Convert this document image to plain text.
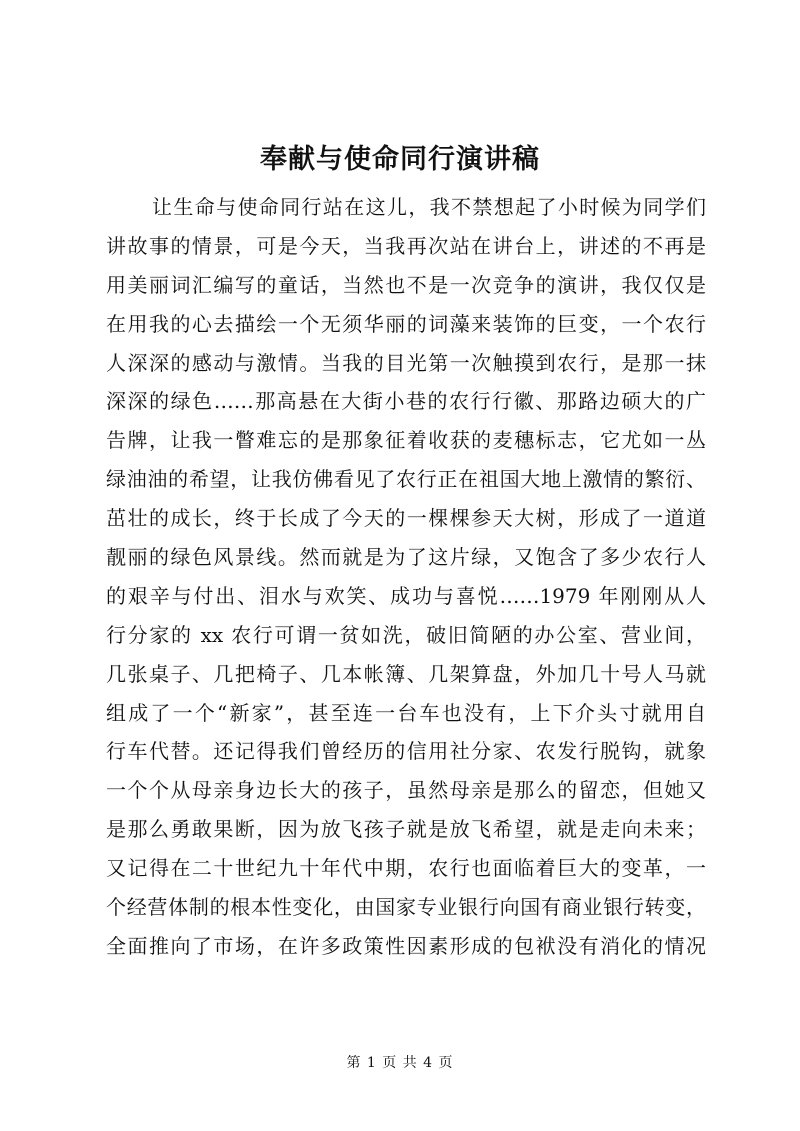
奉献与使命同行演讲稿
让生命与使命同行站在这儿，我不禁想起了小时候为同学们
讲故事的情景，可是今天，当我再次站在讲台上，讲述的不再是
用美丽词汇编写的童话，当然也不是一次竞争的演讲，我仅仅是
在用我的心去描绘一个无须华丽的词藻来装饰的巨变，一个农行
人深深的感动与激情。当我的目光第一次触摸到农行，是那一抹
深深的绿色……那高悬在大街小巷的农行行徽、那路边硕大的广
告牌，让我一瞥难忘的是那象征着收获的麦穗标志，它尤如一丛
绿油油的希望，让我仿佛看见了农行正在祖国大地上激情的繁衍、
茁壮的成长，终于长成了今天的一棵棵参天大树，形成了一道道
靓丽的绿色风景线。然而就是为了这片绿，又饱含了多少农行人
的艰辛与付出、泪水与欢笑、成功与喜悦……1979 年刚刚从人
行分家的 xx 农行可谓一贫如洗，破旧简陋的办公室、营业间，
几张桌子、几把椅子、几本帐簿、几架算盘，外加几十号人马就
组成了一个“新家”，甚至连一台车也没有，上下介头寸就用自
行车代替。还记得我们曾经历的信用社分家、农发行脱钩，就象
一个个从母亲身边长大的孩子，虽然母亲是那么的留恋，但她又
是那么勇敢果断，因为放飞孩子就是放飞希望，就是走向未来；
又记得在二十世纪九十年代中期，农行也面临着巨大的变革，一
个经营体制的根本性变化，由国家专业银行向国有商业银行转变，
全面推向了市场，在许多政策性因素形成的包袱没有消化的情况
第 1 页 共 4 页
